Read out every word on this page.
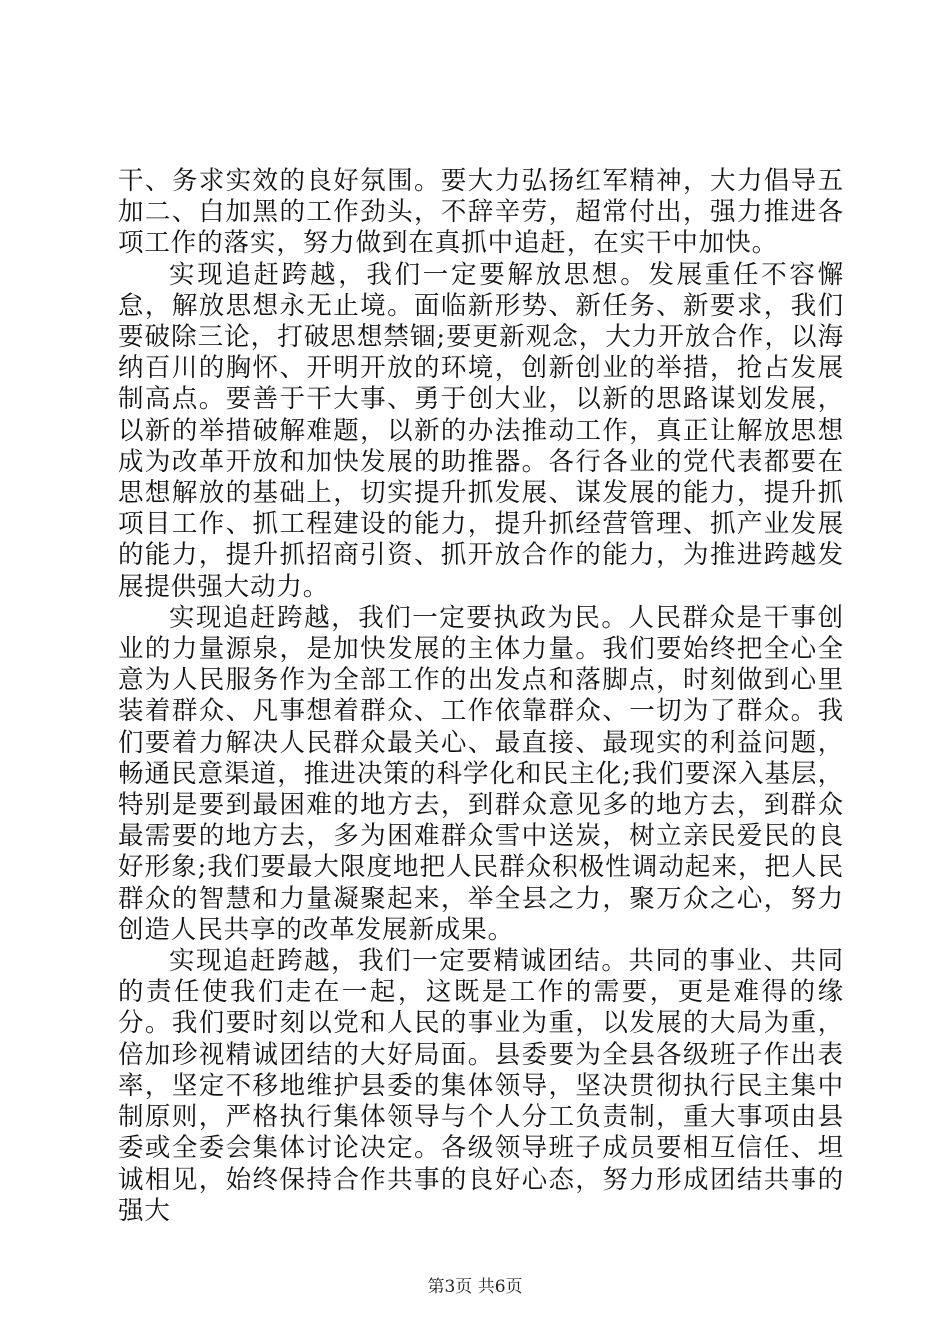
干、务求实效的良好氛围。要大力弘扬红军精神，大力倡导五加二、白加黑的工作劲头，不辞辛劳，超常付出，强力推进各项工作的落实，努力做到在真抓中追赶，在实干中加快。

实现追赶跨越，我们一定要解放思想。发展重任不容懈怠，解放思想永无止境。面临新形势、新任务、新要求，我们要破除三论，打破思想禁锢;要更新观念，大力开放合作，以海纳百川的胸怀、开明开放的环境，创新创业的举措，抢占发展制高点。要善于干大事、勇于创大业，以新的思路谋划发展，以新的举措破解难题，以新的办法推动工作，真正让解放思想成为改革开放和加快发展的助推器。各行各业的党代表都要在思想解放的基础上，切实提升抓发展、谋发展的能力，提升抓项目工作、抓工程建设的能力，提升抓经营管理、抓产业发展的能力，提升抓招商引资、抓开放合作的能力，为推进跨越发展提供强大动力。

实现追赶跨越，我们一定要执政为民。人民群众是干事创业的力量源泉，是加快发展的主体力量。我们要始终把全心全意为人民服务作为全部工作的出发点和落脚点，时刻做到心里装着群众、凡事想着群众、工作依靠群众、一切为了群众。我们要着力解决人民群众最关心、最直接、最现实的利益问题，畅通民意渠道，推进决策的科学化和民主化;我们要深入基层，特别是要到最困难的地方去，到群众意见多的地方去，到群众最需要的地方去，多为困难群众雪中送炭，树立亲民爱民的良好形象;我们要最大限度地把人民群众积极性调动起来，把人民群众的智慧和力量凝聚起来，举全县之力，聚万众之心，努力创造人民共享的改革发展新成果。

实现追赶跨越，我们一定要精诚团结。共同的事业、共同的责任使我们走在一起，这既是工作的需要，更是难得的缘分。我们要时刻以党和人民的事业为重，以发展的大局为重，倍加珍视精诚团结的大好局面。县委要为全县各级班子作出表率，坚定不移地维护县委的集体领导，坚决贯彻执行民主集中制原则，严格执行集体领导与个人分工负责制，重大事项由县委或全委会集体讨论决定。各级领导班子成员要相互信任、坦诚相见，始终保持合作共事的良好心态，努力形成团结共事的强大

第3页 共6页
